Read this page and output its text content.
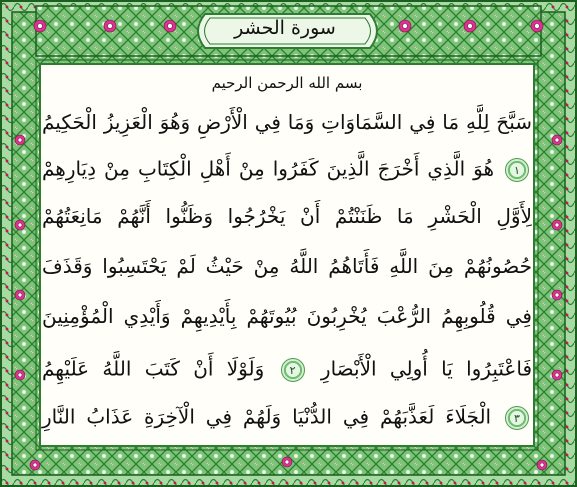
سورة الحشر
بسم الله الرحمن الرحيم
سَبَّحَ لِلَّهِ مَا فِي السَّمَاوَاتِ وَمَا فِي الْأَرْضِ وَهُوَ الْعَزِيزُ الْحَكِيمُ
١ هُوَ الَّذِي أَخْرَجَ الَّذِينَ كَفَرُوا مِنْ أَهْلِ الْكِتَابِ مِنْ دِيَارِهِمْ
لِأَوَّلِ الْحَشْرِ مَا ظَنَنْتُمْ أَنْ يَخْرُجُوا وَظَنُّوا أَنَّهُمْ مَانِعَتُهُمْ
حُصُونُهُمْ مِنَ اللَّهِ فَأَتَاهُمُ اللَّهُ مِنْ حَيْثُ لَمْ يَحْتَسِبُوا وَقَذَفَ
فِي قُلُوبِهِمُ الرُّعْبَ يُخْرِبُونَ بُيُوتَهُمْ بِأَيْدِيهِمْ وَأَيْدِي الْمُؤْمِنِينَ
فَاعْتَبِرُوا يَا أُولِي الْأَبْصَارِ ٢ وَلَوْلَا أَنْ كَتَبَ اللَّهُ عَلَيْهِمُ
٣ الْجَلَاءَ لَعَذَّبَهُمْ فِي الدُّنْيَا وَلَهُمْ فِي الْآخِرَةِ عَذَابُ النَّارِ
